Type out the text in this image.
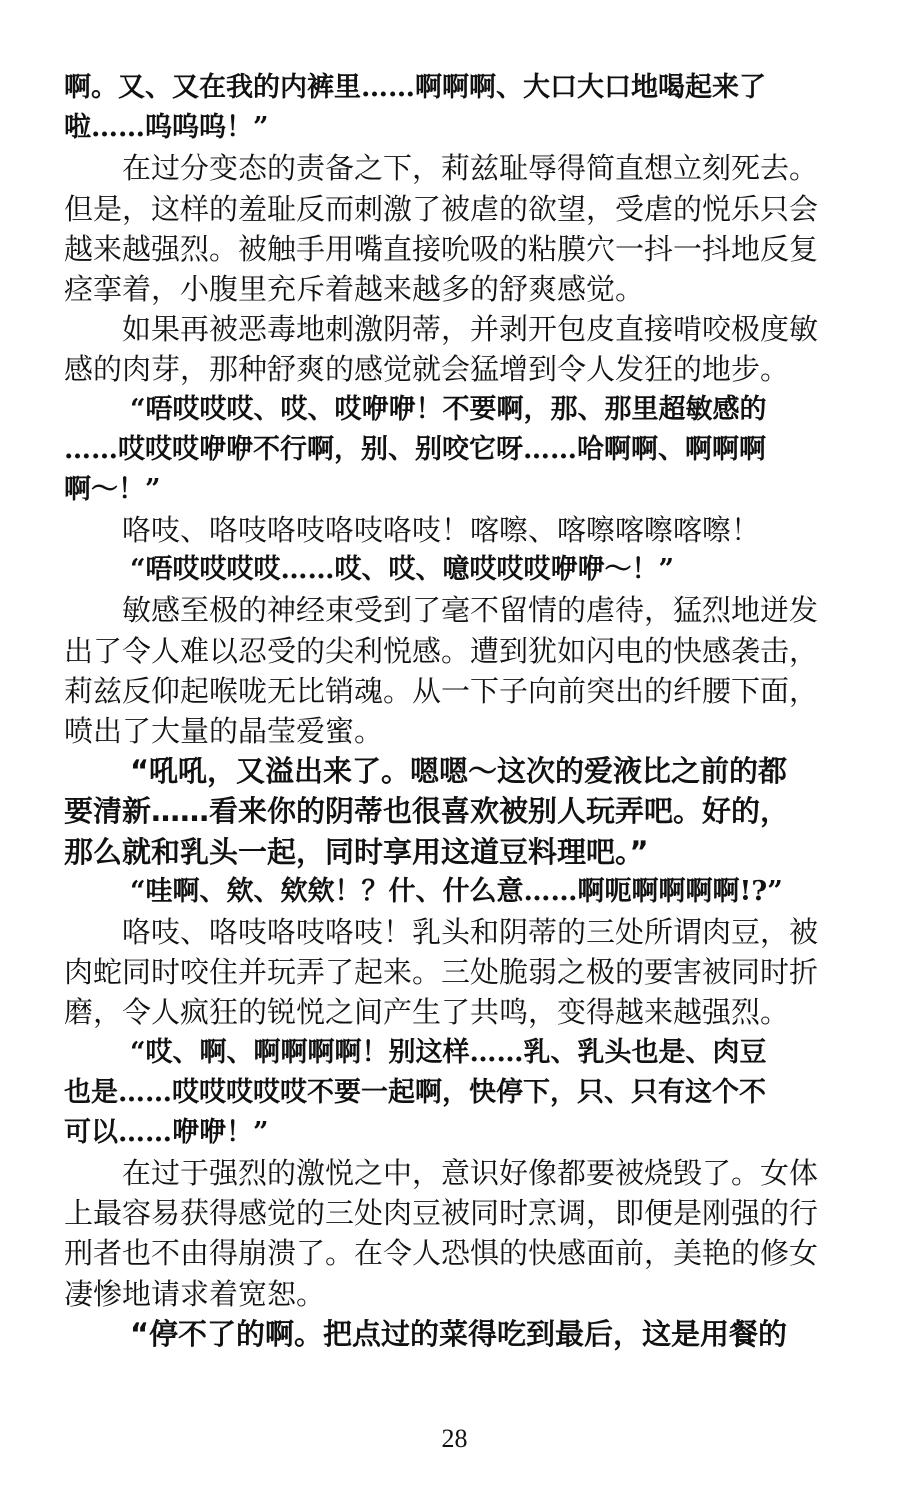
啊。又、又在我的内裤里……啊啊啊、大口大口地喝起来了
啦……呜呜呜！”
在过分变态的责备之下，莉兹耻辱得简直想立刻死去。
但是，这样的羞耻反而刺激了被虐的欲望，受虐的悦乐只会
越来越强烈。被触手用嘴直接吮吸的粘膜穴一抖一抖地反复
痉挛着，小腹里充斥着越来越多的舒爽感觉。
如果再被恶毒地刺激阴蒂，并剥开包皮直接啃咬极度敏
感的肉芽，那种舒爽的感觉就会猛增到令人发狂的地步。
“唔哎哎哎、哎、哎咿咿！不要啊，那、那里超敏感的
……哎哎哎咿咿不行啊，别、别咬它呀……哈啊啊、啊啊啊
啊～！”
咯吱、咯吱咯吱咯吱咯吱！喀嚓、喀嚓喀嚓喀嚓！
“唔哎哎哎哎……哎、哎、噫哎哎哎咿咿～！”
敏感至极的神经束受到了毫不留情的虐待，猛烈地迸发
出了令人难以忍受的尖利悦感。遭到犹如闪电的快感袭击，
莉兹反仰起喉咙无比销魂。从一下子向前突出的纤腰下面，
喷出了大量的晶莹爱蜜。
“吼吼，又溢出来了。嗯嗯～这次的爱液比之前的都
要清新……看来你的阴蒂也很喜欢被别人玩弄吧。好的，
那么就和乳头一起，同时享用这道豆料理吧。”
“哇啊、欸、欸欸！？什、什么意……啊呃啊啊啊啊!?”
咯吱、咯吱咯吱咯吱！乳头和阴蒂的三处所谓肉豆，被
肉蛇同时咬住并玩弄了起来。三处脆弱之极的要害被同时折
磨，令人疯狂的锐悦之间产生了共鸣，变得越来越强烈。
“哎、啊、啊啊啊啊！别这样……乳、乳头也是、肉豆
也是……哎哎哎哎哎不要一起啊，快停下，只、只有这个不
可以……咿咿！”
在过于强烈的激悦之中，意识好像都要被烧毁了。女体
上最容易获得感觉的三处肉豆被同时烹调，即便是刚强的行
刑者也不由得崩溃了。在令人恐惧的快感面前，美艳的修女
凄惨地请求着宽恕。
“停不了的啊。把点过的菜得吃到最后，这是用餐的
28
